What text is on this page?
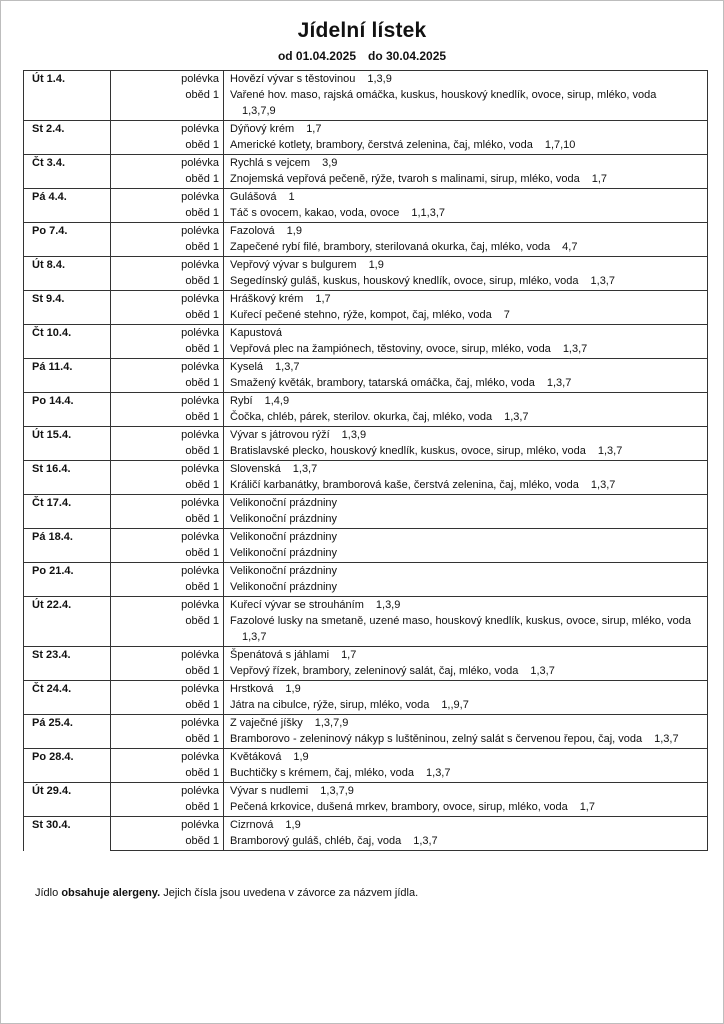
Jídelní lístek
od 01.04.2025 do 30.04.2025
Út 1.4.	polévka	Hovězí vývar s těstovinou 1,3,9
	oběd 1	Vařené hov. maso, rajská omáčka, kuskus, houskový knedlík, ovoce, sirup, mléko, voda1,3,7,9
St 2.4.	polévka	Dýňový krém 1,7
	oběd 1	Americké kotlety, brambory, čerstvá zelenina, čaj, mléko, voda 1,7,10
Čt 3.4.	polévka	Rychlá s vejcem 3,9
	oběd 1	Znojemská vepřová pečeně, rýže, tvaroh s malinami, sirup, mléko, voda 1,7
Pá 4.4.	polévka	Gulášová 1
	oběd 1	Táč s ovocem, kakao, voda, ovoce 1,1,3,7
Po 7.4.	polévka	Fazolová 1,9
	oběd 1	Zapečené rybí filé, brambory, sterilovaná okurka, čaj, mléko, voda 4,7
Út 8.4.	polévka	Vepřový vývar s bulgurem 1,9
	oběd 1	Segedínský guláš, kuskus, houskový knedlík, ovoce, sirup, mléko, voda 1,3,7
St 9.4.	polévka	Hráškový krém 1,7
	oběd 1	Kuřecí pečené stehno, rýže, kompot, čaj, mléko, voda 7
Čt 10.4.	polévka	Kapustová
	oběd 1	Vepřová plec na žampiónech, těstoviny, ovoce, sirup, mléko, voda 1,3,7
Pá 11.4.	polévka	Kyselá 1,3,7
	oběd 1	Smažený květák, brambory, tatarská omáčka, čaj, mléko, voda 1,3,7
Po 14.4.	polévka	Rybí 1,4,9
	oběd 1	Čočka, chléb, párek, sterilov. okurka, čaj, mléko, voda 1,3,7
Út 15.4.	polévka	Vývar s játrovou rýží 1,3,9
	oběd 1	Bratislavské plecko, houskový knedlík, kuskus, ovoce, sirup, mléko, voda 1,3,7
St 16.4.	polévka	Slovenská 1,3,7
	oběd 1	Králičí karbanátky, bramborová kaše, čerstvá zelenina, čaj, mléko, voda 1,3,7
Čt 17.4.	polévka	Velikonoční prázdniny
	oběd 1	Velikonoční prázdniny
Pá 18.4.	polévka	Velikonoční prázdniny
	oběd 1	Velikonoční prázdniny
Po 21.4.	polévka	Velikonoční prázdniny
	oběd 1	Velikonoční prázdniny
Út 22.4.	polévka	Kuřecí vývar se strouháním 1,3,9
	oběd 1	Fazolové lusky na smetaně, uzené maso, houskový knedlík, kuskus, ovoce, sirup, mléko, voda1,3,7
St 23.4.	polévka	Špenátová s jáhlami 1,7
	oběd 1	Vepřový řízek, brambory, zeleninový salát, čaj, mléko, voda 1,3,7
Čt 24.4.	polévka	Hrstková 1,9
	oběd 1	Játra na cibulce, rýže, sirup, mléko, voda 1,,9,7
Pá 25.4.	polévka	Z vaječné jíšky 1,3,7,9
	oběd 1	Bramborovo - zeleninový nákyp s luštěninou, zelný salát s červenou řepou, čaj, voda 1,3,7
Po 28.4.	polévka	Květáková 1,9
	oběd 1	Buchtičky s krémem, čaj, mléko, voda 1,3,7
Út 29.4.	polévka	Vývar s nudlemi 1,3,7,9
	oběd 1	Pečená krkovice, dušená mrkev, brambory, ovoce, sirup, mléko, voda 1,7
St 30.4.	polévka	Cizrnová 1,9
	oběd 1	Bramborový guláš, chléb, čaj, voda 1,3,7
Jídlo obsahuje alergeny. Jejich čísla jsou uvedena v závorce za názvem jídla.
